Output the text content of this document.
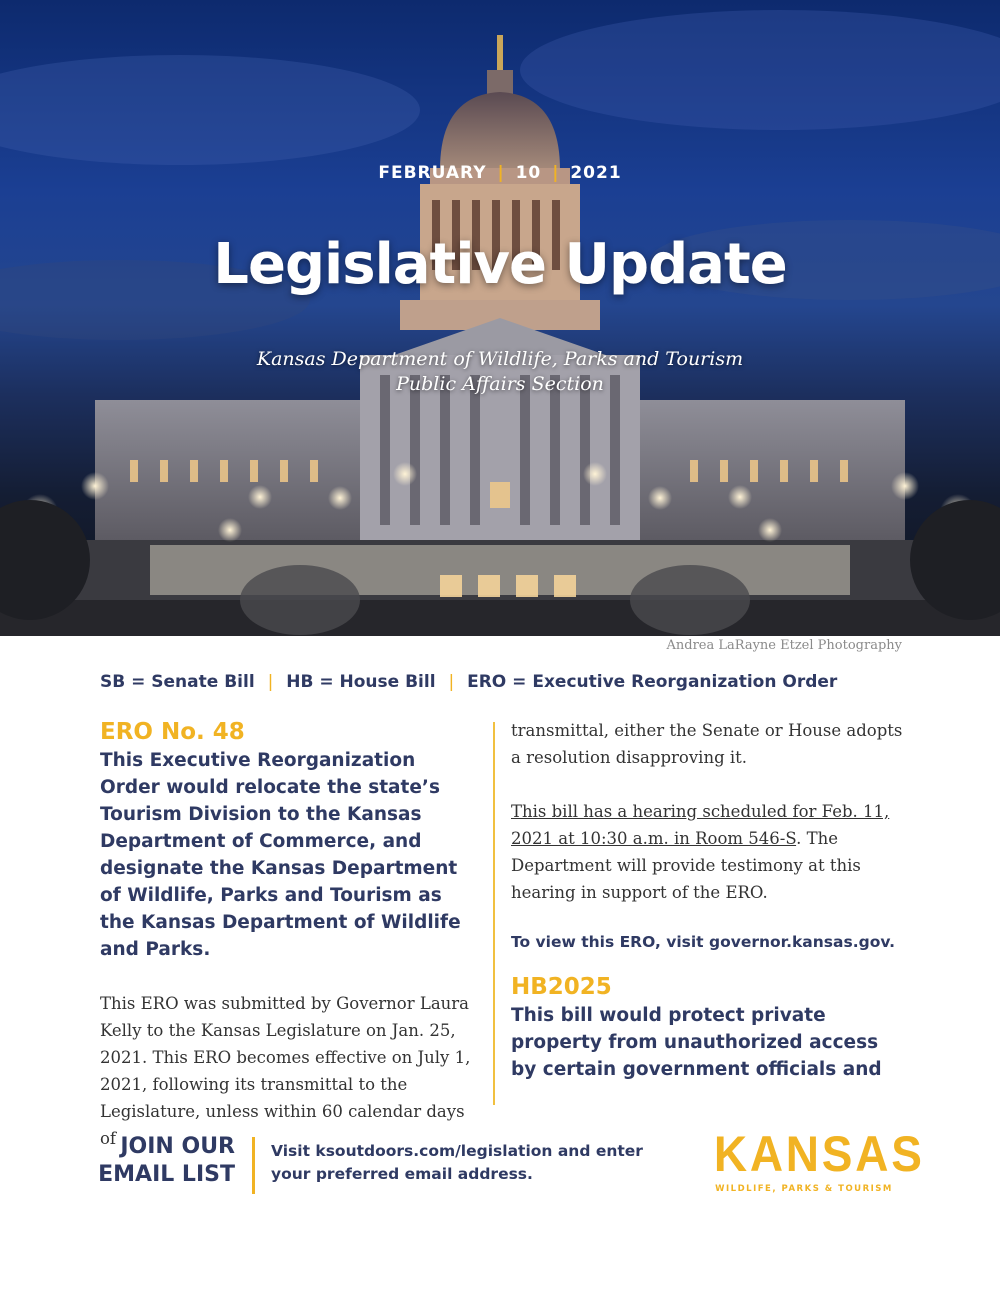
FEBRUARY | 10 | 2021
Legislative Update
Kansas Department of Wildlife, Parks and Tourism
Public Affairs Section
Andrea LaRayne Etzel Photography
SB = Senate Bill | HB = House Bill | ERO = Executive Reorganization Order

ERO No. 48

This Executive Reorganization Order would relocate the state’s Tourism Division to the Kansas Department of Commerce, and designate the Kansas Department of Wildlife, Parks and Tourism as the Kansas Department of Wildlife and Parks.

This ERO was submitted by Governor Laura Kelly to the Kansas Legislature on Jan. 25, 2021. This ERO becomes effective on July 1, 2021, following its transmittal to the Legislature, unless within 60 calendar days of

transmittal, either the Senate or House adopts a resolution disapproving it.

This bill has a hearing scheduled for Feb. 11, 2021 at 10:30 a.m. in Room 546-S. The Department will provide testimony at this hearing in support of the ERO.

To view this ERO, visit governor.kansas.gov.

HB2025

This bill would protect private property from unauthorized access by certain government officials and

JOIN OUR
EMAIL LIST
Visit ksoutdoors.com/legislation and enter your preferred email address.	KANSAS
WILDLIFE, PARKS & TOURISM
